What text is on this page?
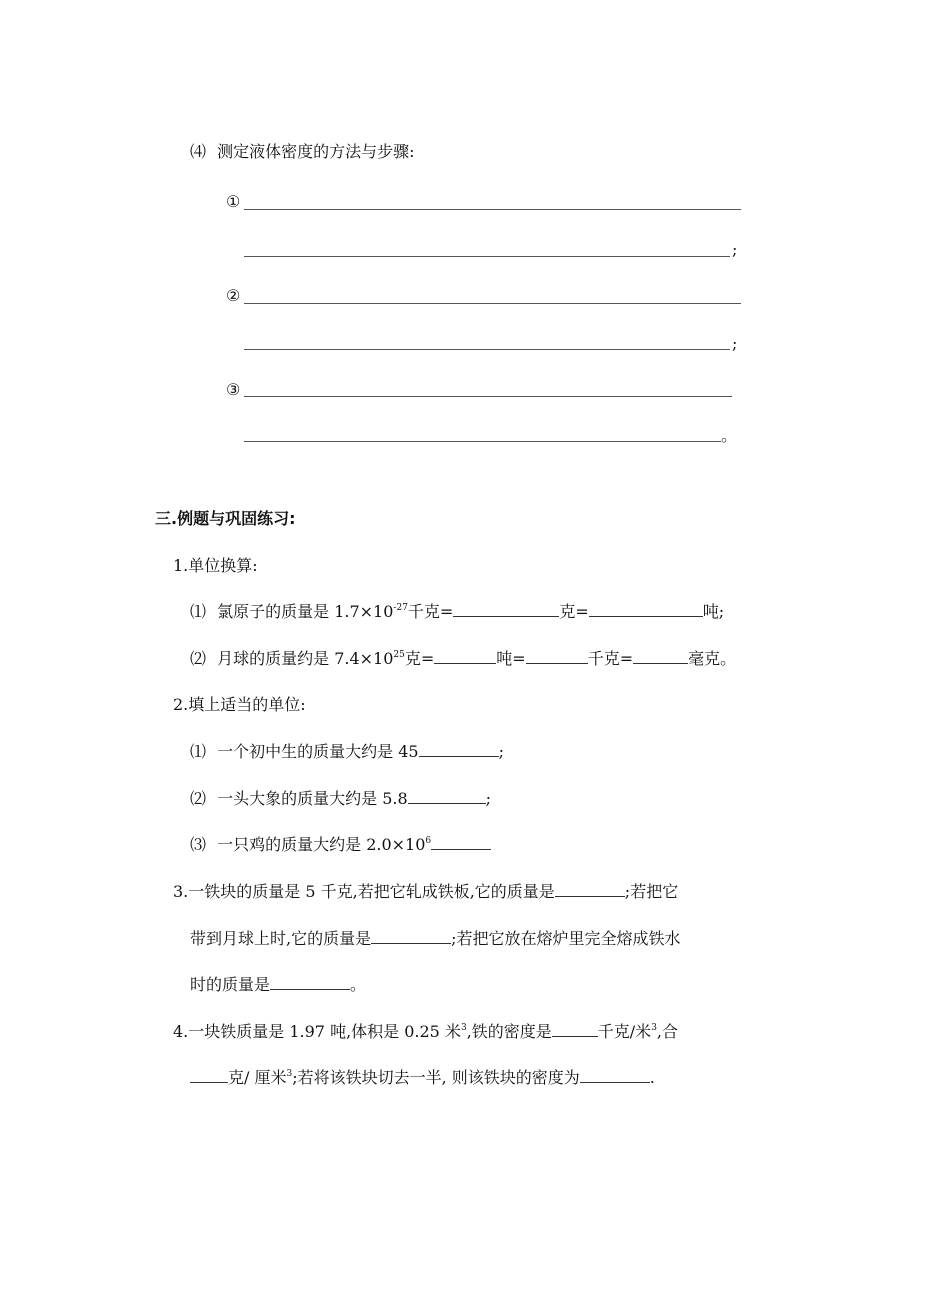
⑷ 测定液体密度的方法与步骤:
①
;
②
;
③
。
三.例题与巩固练习:
1.单位换算:
⑴ 氯原子的质量是 $1.7\times 10^{-27}$千克=	克=	吨;
⑵ 月球的质量约是 $7.4\times 10^{25}$克=	吨=	千克=	毫克。
2.填上适当的单位:
⑴ 一个初中生的质量大约是 45	;
⑵ 一头大象的质量大约是 5.8	;
⑶ 一只鸡的质量大约是 $2.0\times 10^6$
3.一铁块的质量是 5 千克,若把它轧成铁板,它的质量是	;若把它
带到月球上时,它的质量是	;若把它放在熔炉里完全熔成铁水
时的质量是	。
4.一块铁质量是 1.97 吨,体积是 0.25 米$^3$,铁的密度是	千克/米$^3$,合
克/ 厘米$^3$;若将该铁块切去一半, 则该铁块的密度为	.
